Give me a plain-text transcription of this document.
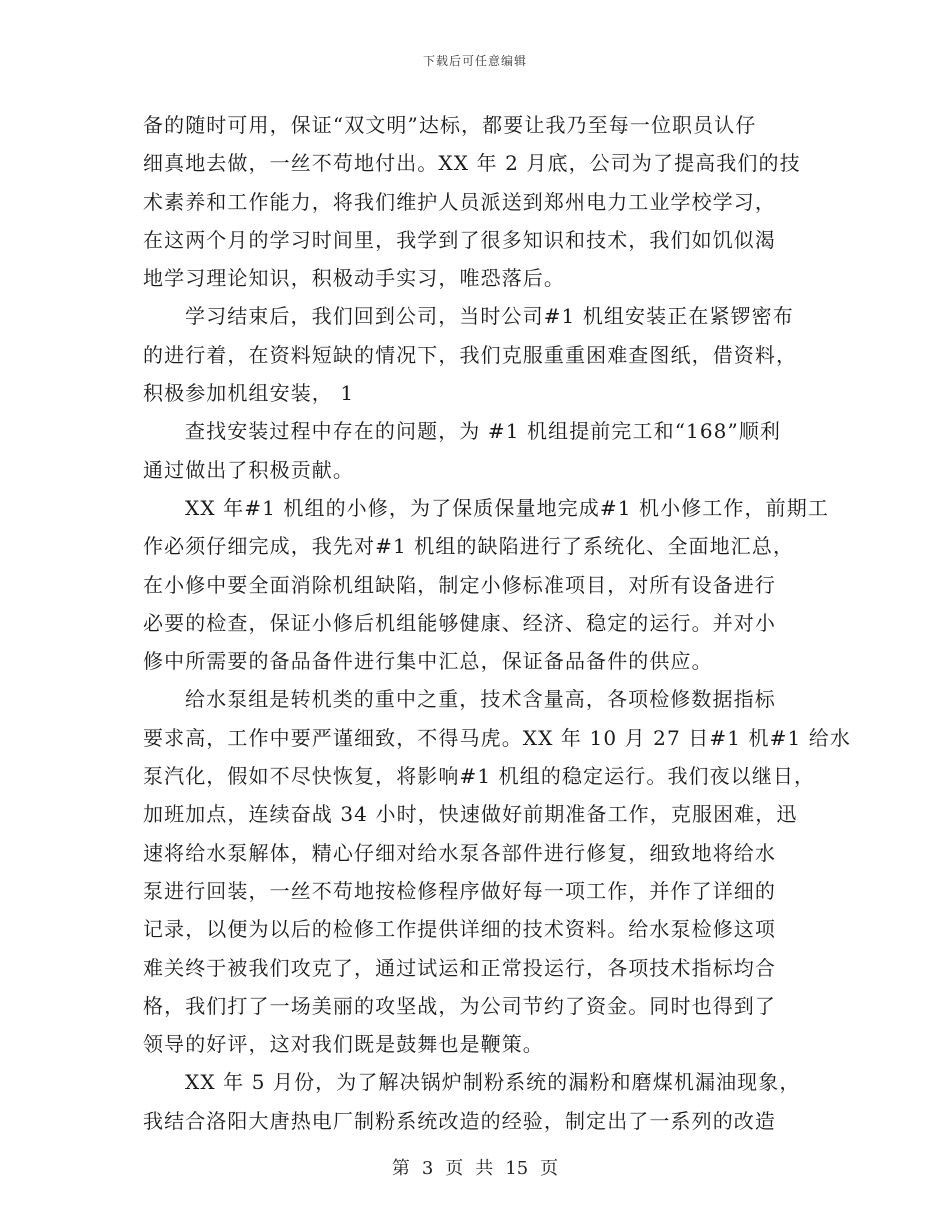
下载后可任意编辑
备的随时可用，保证“双文明”达标，都要让我乃至每一位职员认仔
细真地去做，一丝不苟地付出。XX 年 2 月底，公司为了提高我们的技
术素养和工作能力，将我们维护人员派送到郑州电力工业学校学习，
在这两个月的学习时间里，我学到了很多知识和技术，我们如饥似渴
地学习理论知识，积极动手实习，唯恐落后。
学习结束后，我们回到公司，当时公司#1 机组安装正在紧锣密布
的进行着，在资料短缺的情况下，我们克服重重困难查图纸，借资料，
积极参加机组安装， 1
查找安装过程中存在的问题，为 #1 机组提前完工和“168”顺利
通过做出了积极贡献。
XX 年#1 机组的小修，为了保质保量地完成#1 机小修工作，前期工
作必须仔细完成，我先对#1 机组的缺陷进行了系统化、全面地汇总，
在小修中要全面消除机组缺陷，制定小修标准项目，对所有设备进行
必要的检查，保证小修后机组能够健康、经济、稳定的运行。并对小
修中所需要的备品备件进行集中汇总，保证备品备件的供应。
给水泵组是转机类的重中之重，技术含量高，各项检修数据指标
要求高，工作中要严谨细致，不得马虎。XX 年 10 月 27 日#1 机#1 给水
泵汽化，假如不尽快恢复，将影响#1 机组的稳定运行。我们夜以继日，
加班加点，连续奋战 34 小时，快速做好前期准备工作，克服困难，迅
速将给水泵解体，精心仔细对给水泵各部件进行修复，细致地将给水
泵进行回装，一丝不苟地按检修程序做好每一项工作，并作了详细的
记录，以便为以后的检修工作提供详细的技术资料。给水泵检修这项
难关终于被我们攻克了，通过试运和正常投运行，各项技术指标均合
格，我们打了一场美丽的攻坚战，为公司节约了资金。同时也得到了
领导的好评，这对我们既是鼓舞也是鞭策。
XX 年 5 月份，为了解决锅炉制粉系统的漏粉和磨煤机漏油现象，
我结合洛阳大唐热电厂制粉系统改造的经验，制定出了一系列的改造
第 3 页 共 15 页
